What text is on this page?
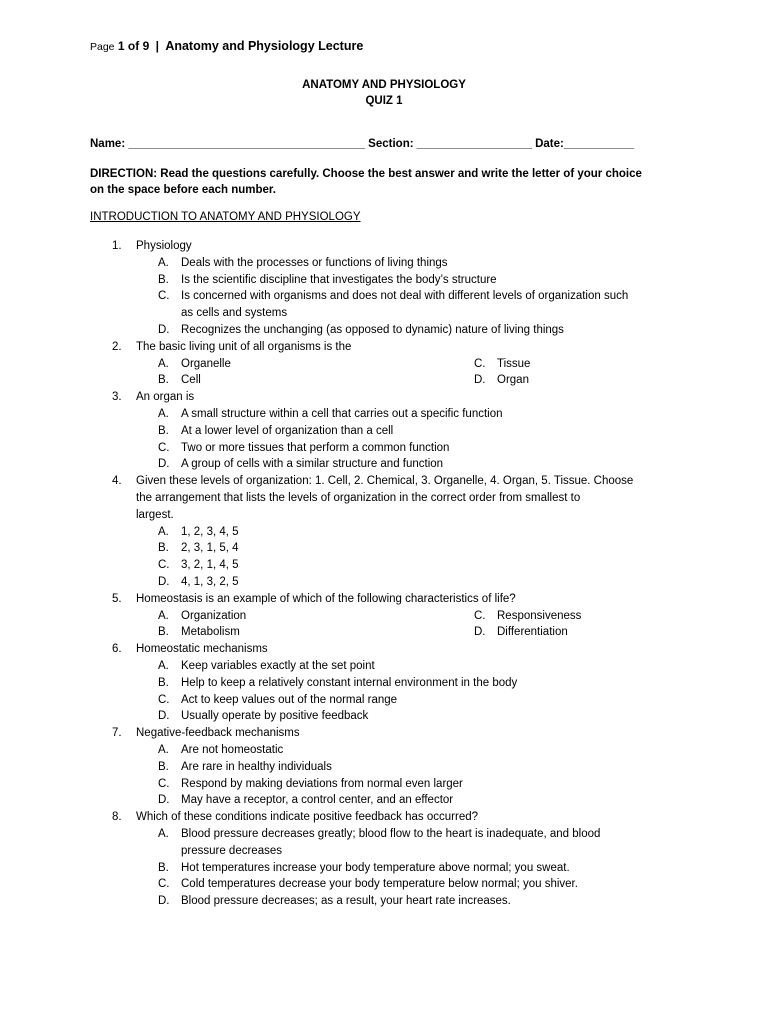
Page 1 of 9 | Anatomy and Physiology Lecture
ANATOMY AND PHYSIOLOGY
QUIZ 1
Name: _____________________________________ Section: __________________ Date:___________
DIRECTION: Read the questions carefully. Choose the best answer and write the letter of your choice
on the space before each number.
INTRODUCTION TO ANATOMY AND PHYSIOLOGY
1.	Physiology
A. Deals with the processes or functions of living things
B. Is the scientific discipline that investigates the body’s structure
C. Is concerned with organisms and does not deal with different levels of organization such
as cells and systems
D. Recognizes the unchanging (as opposed to dynamic) nature of living things
2.	The basic living unit of all organisms is the
A. Organelle	C. Tissue
B. Cell	D. Organ
3.	An organ is
A. A small structure within a cell that carries out a specific function
B. At a lower level of organization than a cell
C. Two or more tissues that perform a common function
D. A group of cells with a similar structure and function
4.	Given these levels of organization: 1. Cell, 2. Chemical, 3. Organelle, 4. Organ, 5. Tissue. Choose
the arrangement that lists the levels of organization in the correct order from smallest to
largest.
A. 1, 2, 3, 4, 5
B. 2, 3, 1, 5, 4
C. 3, 2, 1, 4, 5
D. 4, 1, 3, 2, 5
5.	Homeostasis is an example of which of the following characteristics of life?
A. Organization	C. Responsiveness
B. Metabolism	D. Differentiation
6.	Homeostatic mechanisms
A. Keep variables exactly at the set point
B. Help to keep a relatively constant internal environment in the body
C. Act to keep values out of the normal range
D. Usually operate by positive feedback
7.	Negative-feedback mechanisms
A. Are not homeostatic
B. Are rare in healthy individuals
C. Respond by making deviations from normal even larger
D. May have a receptor, a control center, and an effector
8.	Which of these conditions indicate positive feedback has occurred?
A. Blood pressure decreases greatly; blood flow to the heart is inadequate, and blood
pressure decreases
B. Hot temperatures increase your body temperature above normal; you sweat.
C. Cold temperatures decrease your body temperature below normal; you shiver.
D. Blood pressure decreases; as a result, your heart rate increases.
